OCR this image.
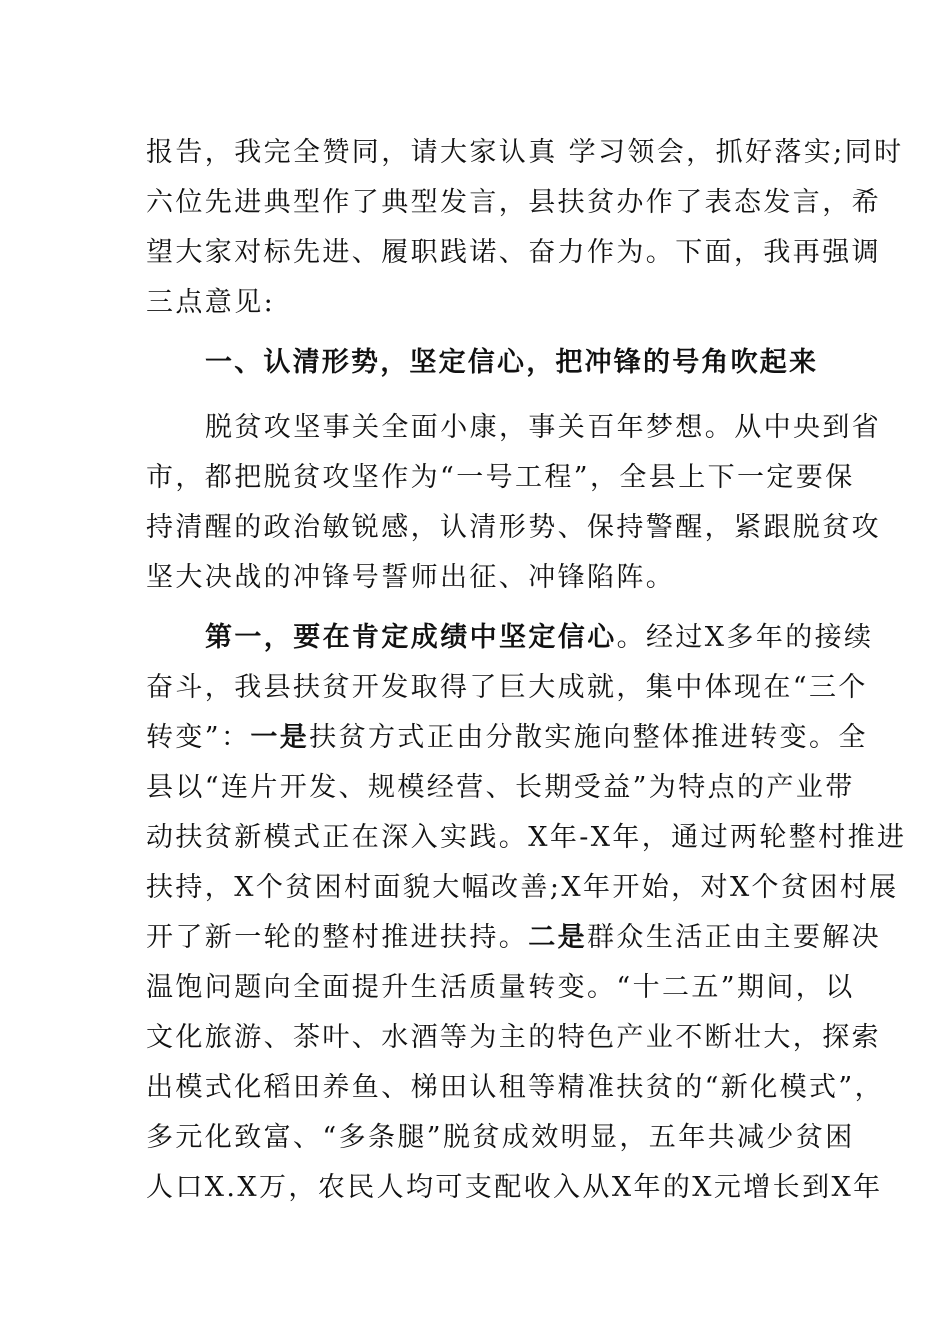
报告，我完全赞同，请大家认真 学习领会，抓好落实;同时
六位先进典型作了典型发言，县扶贫办作了表态发言，希
望大家对标先进、履职践诺、奋力作为。下面，我再强调
三点意见:
一、认清形势，坚定信心，把冲锋的号角吹起来
脱贫攻坚事关全面小康，事关百年梦想。从中央到省
市，都把脱贫攻坚作为“一号工程”，全县上下一定要保
持清醒的政治敏锐感，认清形势、保持警醒，紧跟脱贫攻
坚大决战的冲锋号誓师出征、冲锋陷阵。
第一，要在肯定成绩中坚定信心。经过X多年的接续
奋斗，我县扶贫开发取得了巨大成就，集中体现在“三个
转变”：一是扶贫方式正由分散实施向整体推进转变。全
县以“连片开发、规模经营、长期受益”为特点的产业带
动扶贫新模式正在深入实践。X年-X年，通过两轮整村推进
扶持，X个贫困村面貌大幅改善;X年开始，对X个贫困村展
开了新一轮的整村推进扶持。二是群众生活正由主要解决
温饱问题向全面提升生活质量转变。“十二五”期间，以
文化旅游、茶叶、水酒等为主的特色产业不断壮大，探索
出模式化稻田养鱼、梯田认租等精准扶贫的“新化模式”，
多元化致富、“多条腿”脱贫成效明显，五年共减少贫困
人口X.X万，农民人均可支配收入从X年的X元增长到X年
